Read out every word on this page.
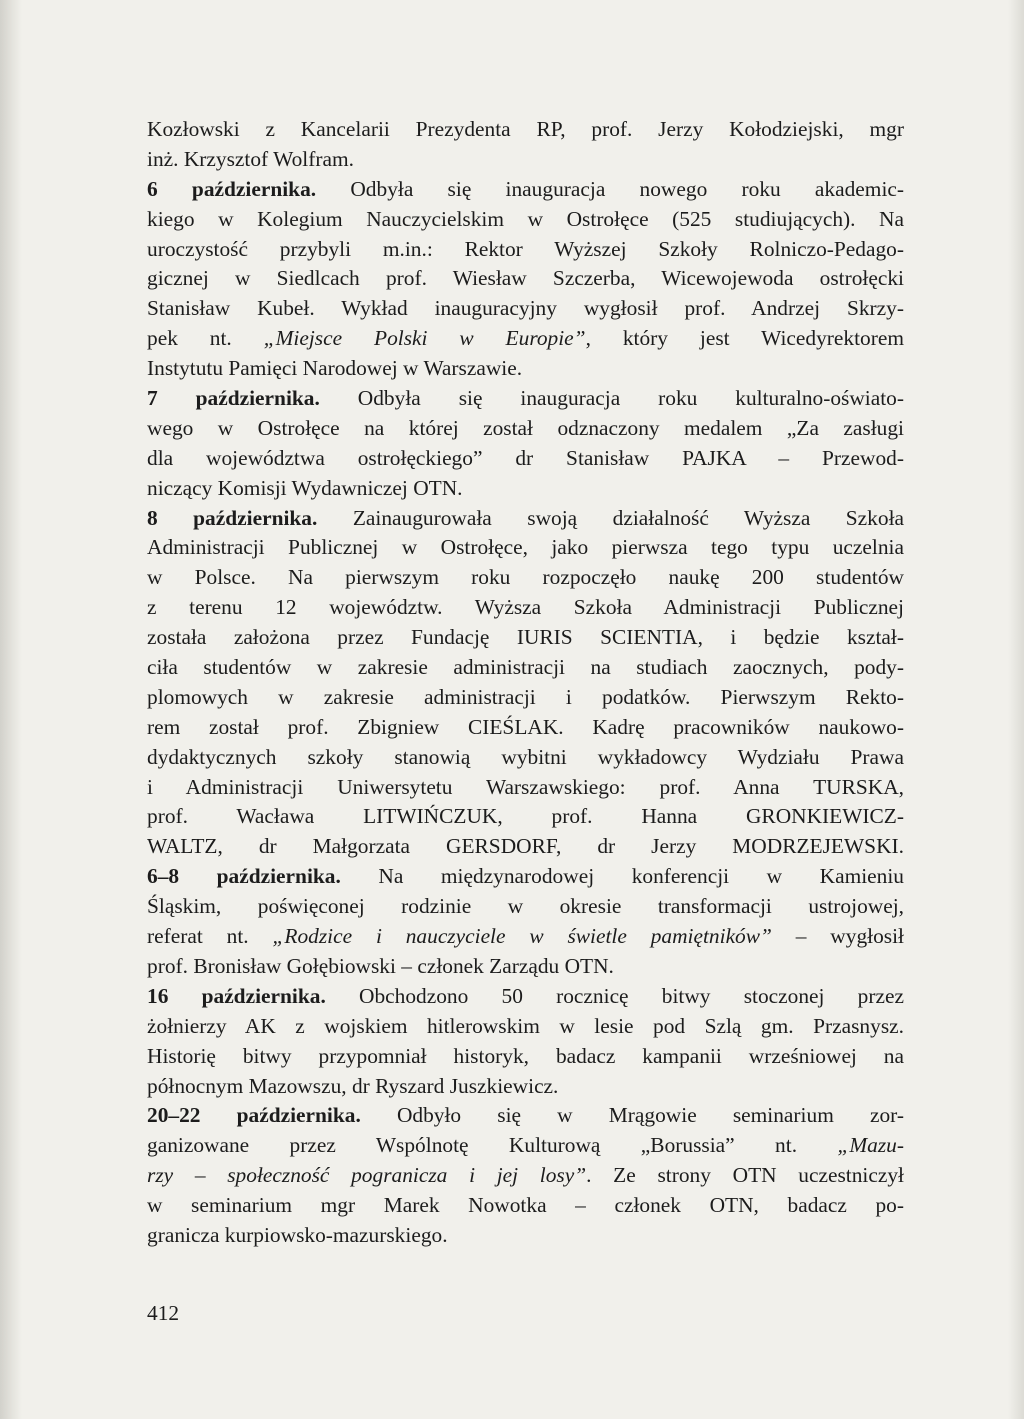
Kozłowski z Kancelarii Prezydenta RP, prof. Jerzy Kołodziejski, mgr
inż. Krzysztof Wolfram.
6 października. Odbyła się inauguracja nowego roku akademic-
kiego w Kolegium Nauczycielskim w Ostrołęce (525 studiujących). Na
uroczystość przybyli m.in.: Rektor Wyższej Szkoły Rolniczo-Pedago-
gicznej w Siedlcach prof. Wiesław Szczerba, Wicewojewoda ostrołęcki
Stanisław Kubeł. Wykład inauguracyjny wygłosił prof. Andrzej Skrzy-
pek nt. „Miejsce Polski w Europie”, który jest Wicedyrektorem
Instytutu Pamięci Narodowej w Warszawie.
7 października. Odbyła się inauguracja roku kulturalno-oświato-
wego w Ostrołęce na której został odznaczony medalem „Za zasługi
dla województwa ostrołęckiego” dr Stanisław PAJKA – Przewod-
niczący Komisji Wydawniczej OTN.
8 października. Zainaugurowała swoją działalność Wyższa Szkoła
Administracji Publicznej w Ostrołęce, jako pierwsza tego typu uczelnia
w Polsce. Na pierwszym roku rozpoczęło naukę 200 studentów
z terenu 12 województw. Wyższa Szkoła Administracji Publicznej
została założona przez Fundację IURIS SCIENTIA, i będzie kształ-
ciła studentów w zakresie administracji na studiach zaocznych, pody-
plomowych w zakresie administracji i podatków. Pierwszym Rekto-
rem został prof. Zbigniew CIEŚLAK. Kadrę pracowników naukowo-
dydaktycznych szkoły stanowią wybitni wykładowcy Wydziału Prawa
i Administracji Uniwersytetu Warszawskiego: prof. Anna TURSKA,
prof. Wacława LITWIŃCZUK, prof. Hanna GRONKIEWICZ-
WALTZ, dr Małgorzata GERSDORF, dr Jerzy MODRZEJEWSKI.
6–8 października. Na międzynarodowej konferencji w Kamieniu
Śląskim, poświęconej rodzinie w okresie transformacji ustrojowej,
referat nt. „Rodzice i nauczyciele w świetle pamiętników” – wygłosił
prof. Bronisław Gołębiowski – członek Zarządu OTN.
16 października. Obchodzono 50 rocznicę bitwy stoczonej przez
żołnierzy AK z wojskiem hitlerowskim w lesie pod Szlą gm. Przasnysz.
Historię bitwy przypomniał historyk, badacz kampanii wrześniowej na
północnym Mazowszu, dr Ryszard Juszkiewicz.
20–22 października. Odbyło się w Mrągowie seminarium zor-
ganizowane przez Wspólnotę Kulturową „Borussia” nt. „Mazu-
rzy – społeczność pogranicza i jej losy”. Ze strony OTN uczestniczył
w seminarium mgr Marek Nowotka – członek OTN, badacz po-
granicza kurpiowsko-mazurskiego.
412
